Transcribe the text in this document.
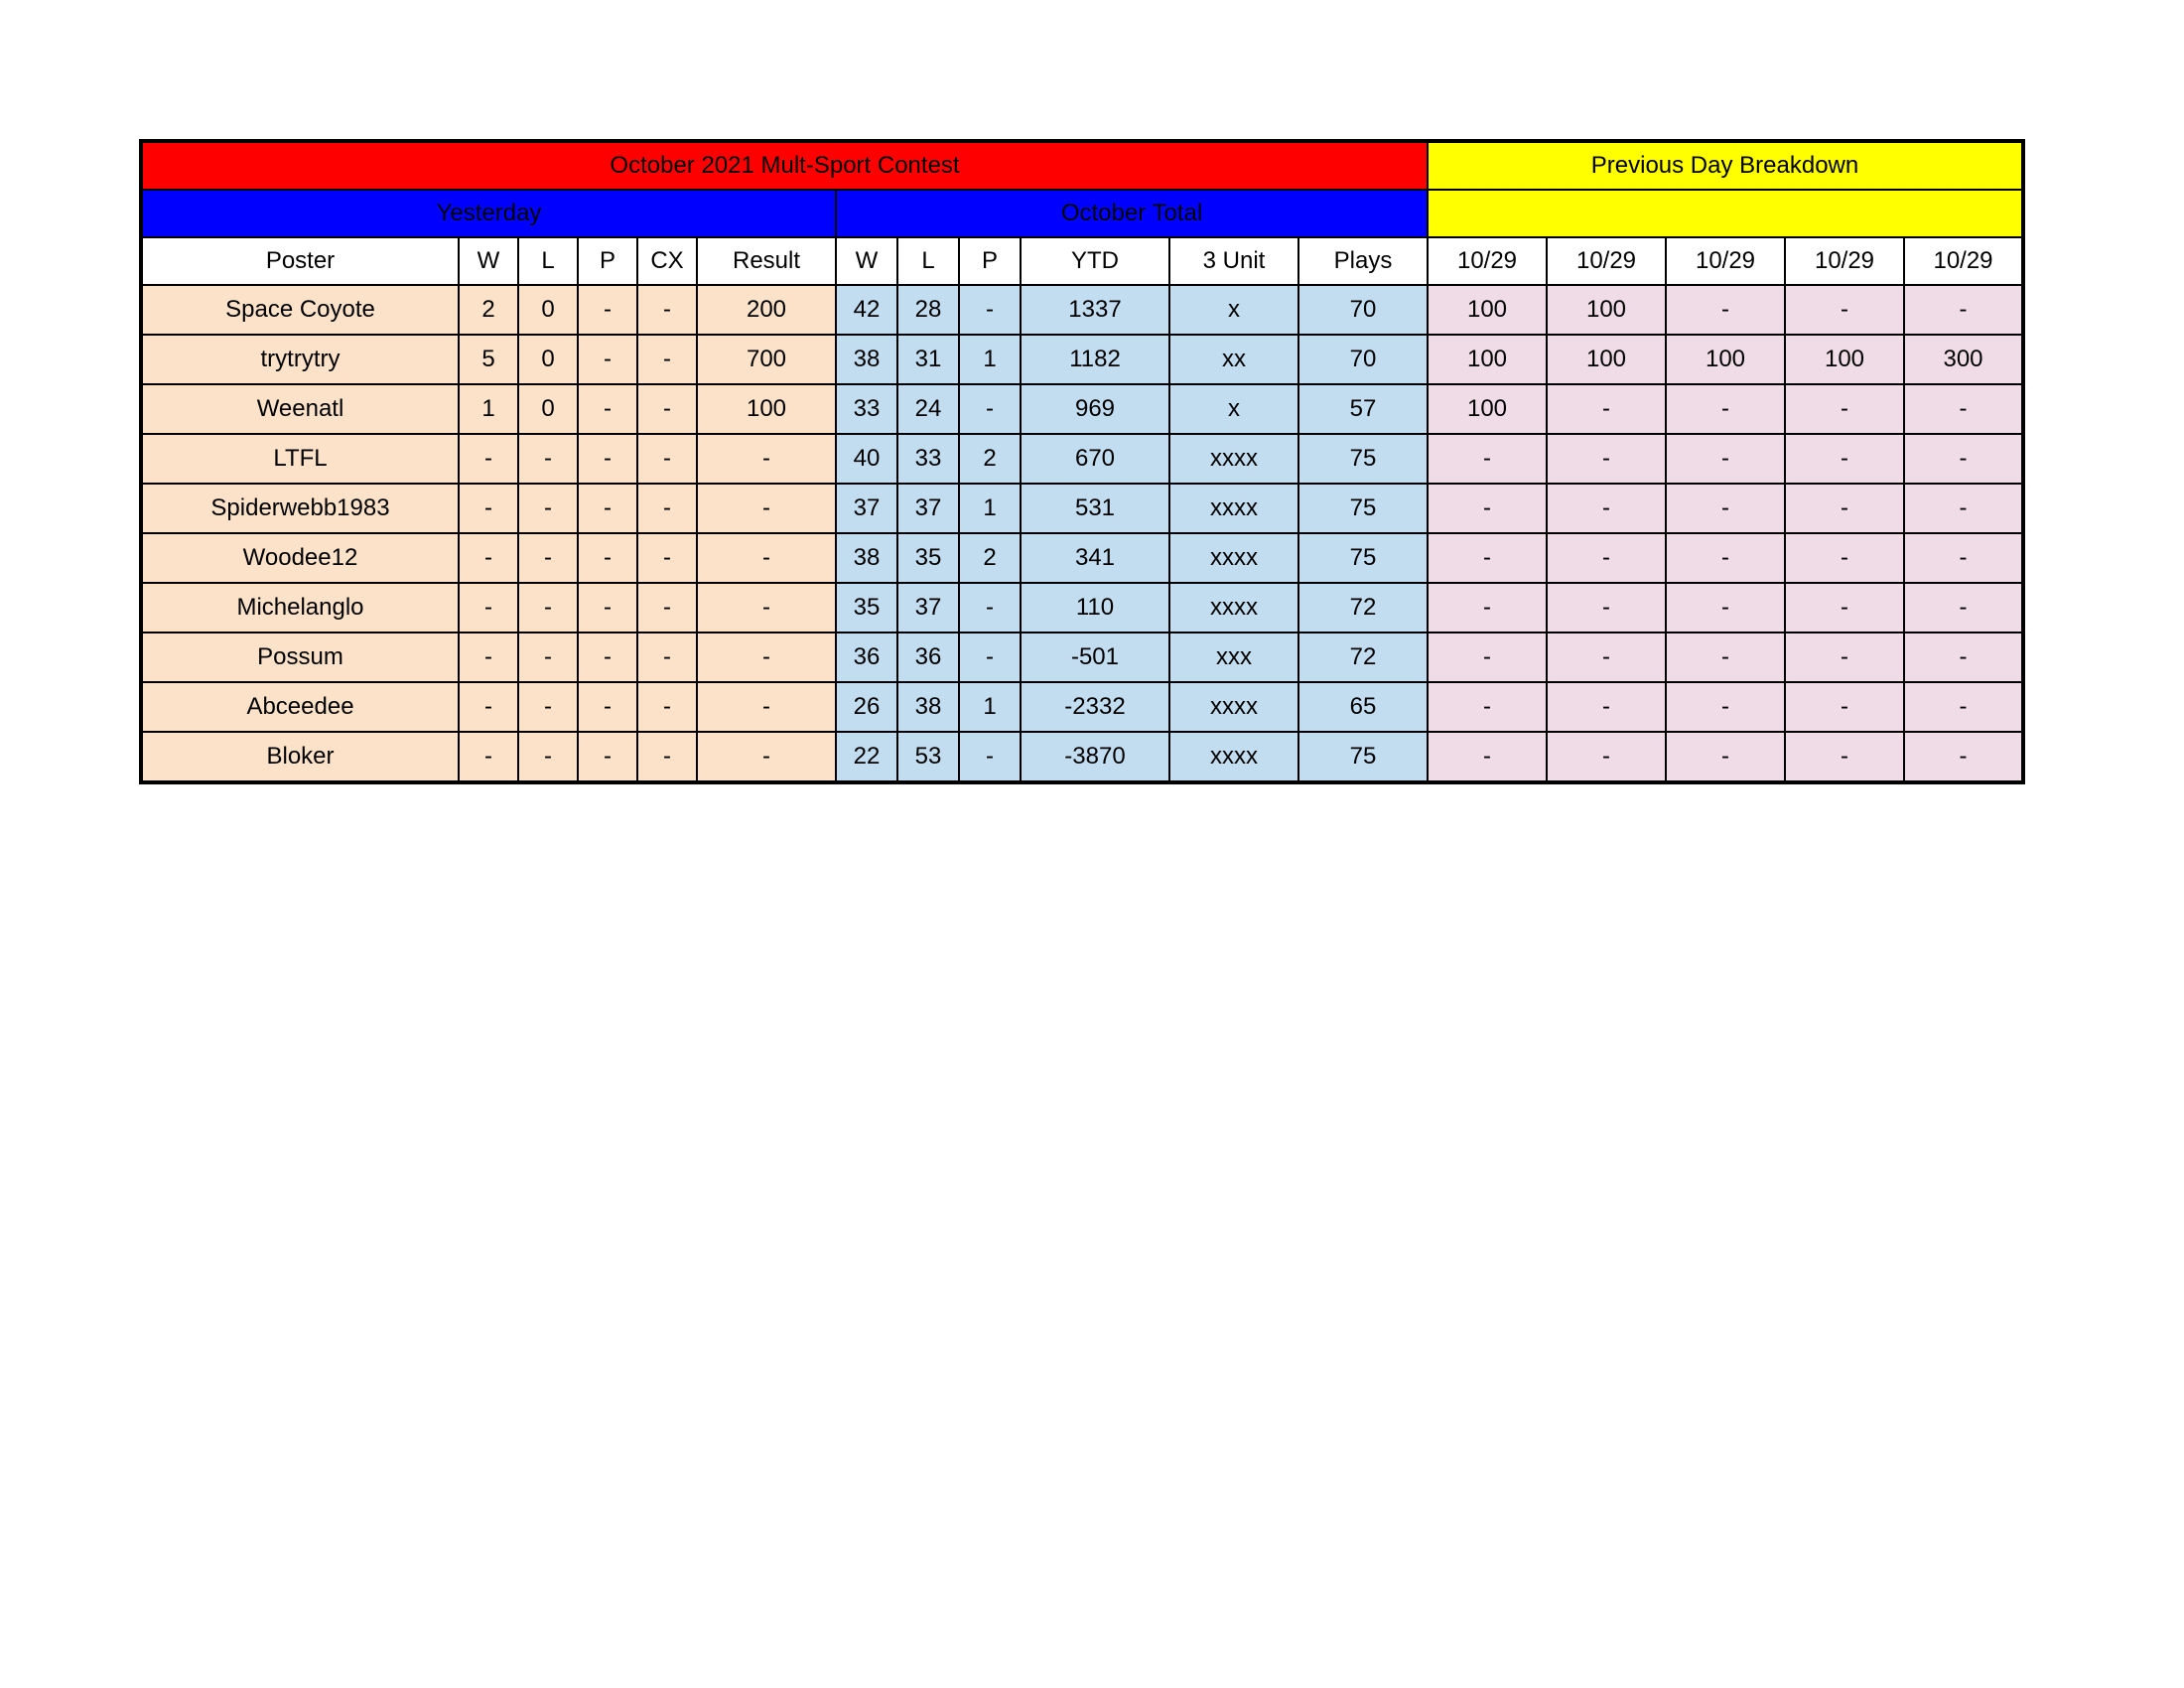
October 2021 Mult-Sport Contest												Previous Day Breakdown				
Yesterday						October Total										
Poster	W	L	P	CX	Result	W	L	P	YTD	3 Unit	Plays	10/29	10/29	10/29	10/29	10/29
Space Coyote	2	0	-	-	200	42	28	-	1337	x	70	100	100	-	-	-
trytrytry	5	0	-	-	700	38	31	1	1182	xx	70	100	100	100	100	300
Weenatl	1	0	-	-	100	33	24	-	969	x	57	100	-	-	-	-
LTFL	-	-	-	-	-	40	33	2	670	xxxx	75	-	-	-	-	-
Spiderwebb1983	-	-	-	-	-	37	37	1	531	xxxx	75	-	-	-	-	-
Woodee12	-	-	-	-	-	38	35	2	341	xxxx	75	-	-	-	-	-
Michelanglo	-	-	-	-	-	35	37	-	110	xxxx	72	-	-	-	-	-
Possum	-	-	-	-	-	36	36	-	-501	xxx	72	-	-	-	-	-
Abceedee	-	-	-	-	-	26	38	1	-2332	xxxx	65	-	-	-	-	-
Bloker	-	-	-	-	-	22	53	-	-3870	xxxx	75	-	-	-	-	-
